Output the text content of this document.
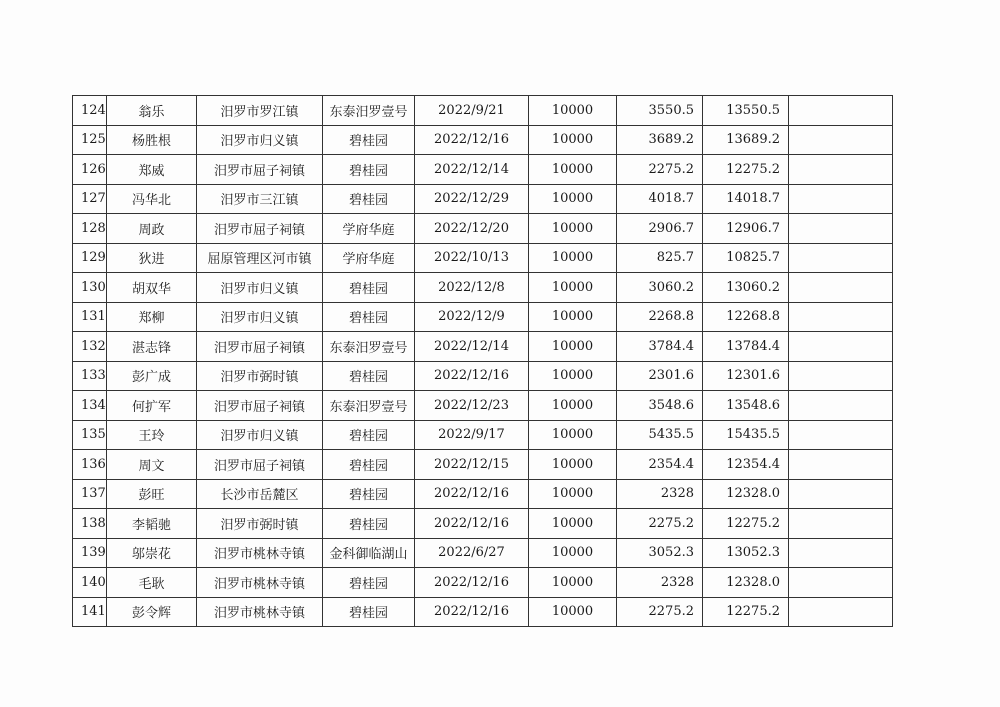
124	翁乐	汨罗市罗江镇	东泰汨罗壹号	2022/9/21	10000	3550.5	13550.5	
125	杨胜根	汨罗市归义镇	碧桂园	2022/12/16	10000	3689.2	13689.2	
126	郑威	汨罗市屈子祠镇	碧桂园	2022/12/14	10000	2275.2	12275.2	
127	冯华北	汨罗市三江镇	碧桂园	2022/12/29	10000	4018.7	14018.7	
128	周政	汨罗市屈子祠镇	学府华庭	2022/12/20	10000	2906.7	12906.7	
129	狄进	屈原管理区河市镇	学府华庭	2022/10/13	10000	825.7	10825.7	
130	胡双华	汨罗市归义镇	碧桂园	2022/12/8	10000	3060.2	13060.2	
131	郑柳	汨罗市归义镇	碧桂园	2022/12/9	10000	2268.8	12268.8	
132	湛志锋	汨罗市屈子祠镇	东泰汨罗壹号	2022/12/14	10000	3784.4	13784.4	
133	彭广成	汨罗市弼时镇	碧桂园	2022/12/16	10000	2301.6	12301.6	
134	何扩军	汨罗市屈子祠镇	东泰汨罗壹号	2022/12/23	10000	3548.6	13548.6	
135	王玲	汨罗市归义镇	碧桂园	2022/9/17	10000	5435.5	15435.5	
136	周文	汨罗市屈子祠镇	碧桂园	2022/12/15	10000	2354.4	12354.4	
137	彭旺	长沙市岳麓区	碧桂园	2022/12/16	10000	2328	12328.0	
138	李韬驰	汨罗市弼时镇	碧桂园	2022/12/16	10000	2275.2	12275.2	
139	邬崇花	汨罗市桃林寺镇	金科御临湖山	2022/6/27	10000	3052.3	13052.3	
140	毛耿	汨罗市桃林寺镇	碧桂园	2022/12/16	10000	2328	12328.0	
141	彭令辉	汨罗市桃林寺镇	碧桂园	2022/12/16	10000	2275.2	12275.2	
